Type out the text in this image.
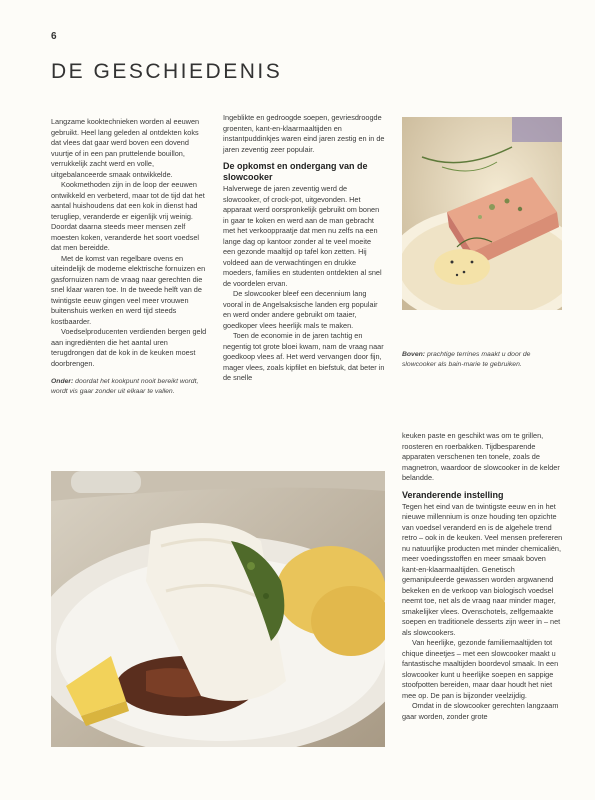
6
DE GESCHIEDENIS

Langzame kooktechnieken worden al eeuwen gebruikt. Heel lang geleden al ontdekten koks dat vlees dat gaar werd boven een dovend vuurtje of in een pan pruttelende bouillon, verrukkelijk zacht werd en volle, uitgebalanceerde smaak ontwikkelde.

Kookmethoden zijn in de loop der eeuwen ontwikkeld en verbeterd, maar tot de tijd dat het aantal huishoudens dat een kok in dienst had terugliep, veranderde er eigenlijk vrij weinig. Doordat daarna steeds meer mensen zelf moesten koken, veranderde het soort voedsel dat men bereidde.

Met de komst van regelbare ovens en uiteindelijk de moderne elektrische fornuizen en gasfornuizen nam de vraag naar gerechten die snel klaar waren toe. In de tweede helft van de twintigste eeuw gingen veel meer vrouwen buitenshuis werken en werd tijd steeds kostbaarder.

Voedselproducenten verdienden bergen geld aan ingrediënten die het aantal uren terugdrongen dat de kok in de keuken moest doorbrengen.

Onder: doordat het kookpunt nooit bereikt wordt, wordt vis gaar zonder uit elkaar te vallen.

Ingeblikte en gedroogde soepen, gevriesdroogde groenten, kant-en-klaarmaaltijden en instantpuddinkjes waren eind jaren zestig en in de jaren zeventig zeer populair.

De opkomst en ondergang van de slowcooker

Halverwege de jaren zeventig werd de slowcooker, of crock-pot, uitgevonden. Het apparaat werd oorspronkelijk gebruikt om bonen in gaar te koken en werd aan de man gebracht met het verkooppraatje dat men nu zelfs na een lange dag op kantoor zonder al te veel moeite een gezonde maaltijd op tafel kon zetten. Hij voldeed aan de verwachtingen en drukke moeders, families en studenten ontdekten al snel de voordelen ervan.

De slowcooker bleef een decennium lang vooral in de Angelsaksische landen erg populair en werd onder andere gebruikt om taaier, goedkoper vlees heerlijk mals te maken.

Toen de economie in de jaren tachtig en negentig tot grote bloei kwam, nam de vraag naar goedkoop vlees af. Het werd vervangen door fijn, mager vlees, zoals kipfilet en biefstuk, dat beter in de snelle

Boven: prachtige terrines maakt u door de slowcooker als bain-marie te gebruiken.

keuken paste en geschikt was om te grillen, roosteren en roerbakken. Tijdbesparende apparaten verschenen ten tonele, zoals de magnetron, waardoor de slowcooker in de kelder belandde.

Veranderende instelling

Tegen het eind van de twintigste eeuw en in het nieuwe millennium is onze houding ten opzichte van voedsel veranderd en is de algehele trend retro – ook in de keuken. Veel mensen prefereren nu natuurlijke producten met minder chemicaliën, meer voedingsstoffen en meer smaak boven kant-en-klaarmaaltijden. Genetisch gemanipuleerde gewassen worden argwanend bekeken en de verkoop van biologisch voedsel neemt toe, net als de vraag naar minder mager, smakelijker vlees. Ovenschotels, zelfgemaakte soepen en traditionele desserts zijn weer in – net als slowcookers.

Van heerlijke, gezonde familiemaaltijden tot chique dineetjes – met een slowcooker maakt u fantastische maaltijden boordevol smaak. In een slowcooker kunt u heerlijke soepen en sappige stoofpotten bereiden, maar daar houdt het niet mee op. De pan is bijzonder veelzijdig.

Omdat in de slowcooker gerechten langzaam gaar worden, zonder grote
